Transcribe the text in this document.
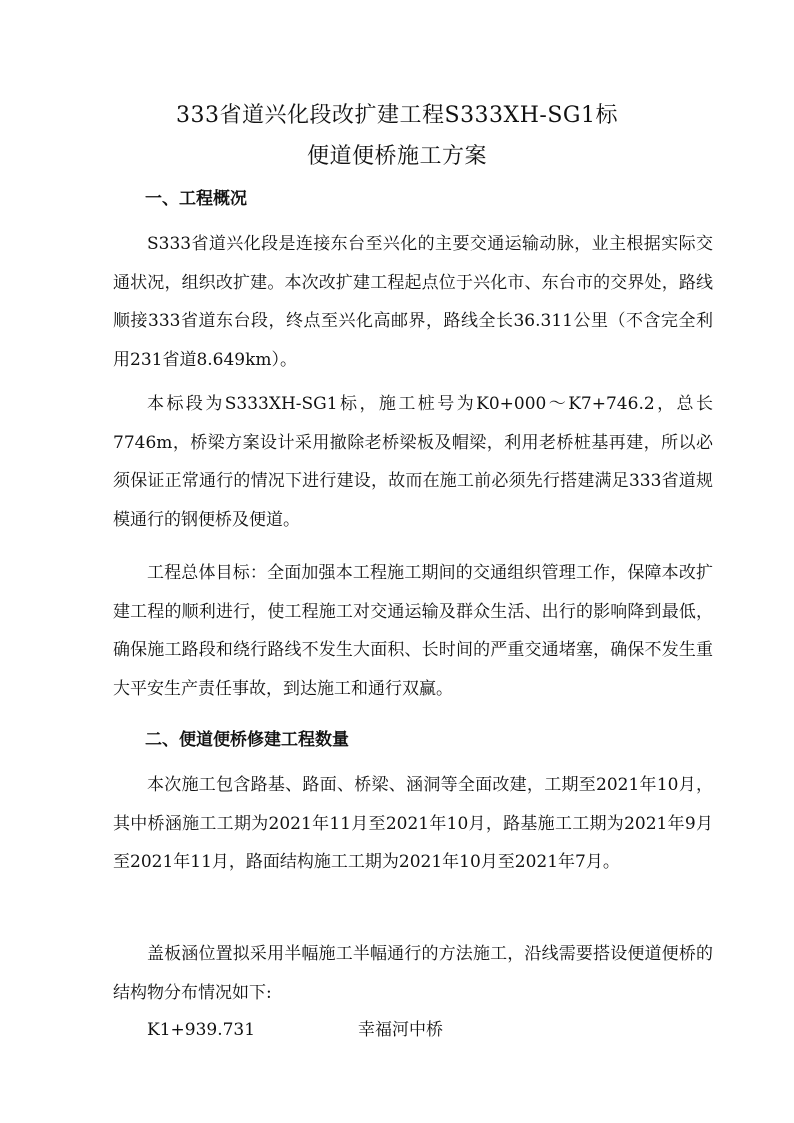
333省道兴化段改扩建工程S333XH-SG1标
便道便桥施工方案
一、工程概况

S333省道兴化段是连接东台至兴化的主要交通运输动脉，业主根据实际交通状况，组织改扩建。本次改扩建工程起点位于兴化市、东台市的交界处，路线顺接333省道东台段，终点至兴化高邮界，路线全长36.311公里（不含完全利用231省道8.649km）。

本标段为S333XH-SG1标，施工桩号为K0+000～K7+746.2，总长7746m，桥梁方案设计采用撤除老桥梁板及帽梁，利用老桥桩基再建，所以必须保证正常通行的情况下进行建设，故而在施工前必须先行搭建满足333省道规模通行的钢便桥及便道。

工程总体目标：全面加强本工程施工期间的交通组织管理工作，保障本改扩建工程的顺利进行，使工程施工对交通运输及群众生活、出行的影响降到最低，确保施工路段和绕行路线不发生大面积、长时间的严重交通堵塞，确保不发生重大平安生产责任事故，到达施工和通行双赢。

二、便道便桥修建工程数量

本次施工包含路基、路面、桥梁、涵洞等全面改建，工期至2021年10月，其中桥涵施工工期为2021年11月至2021年10月，路基施工工期为2021年9月至2021年11月，路面结构施工工期为2021年10月至2021年7月。

盖板涵位置拟采用半幅施工半幅通行的方法施工，沿线需要搭设便道便桥的结构物分布情况如下:

K1+939.731	幸福河中桥
